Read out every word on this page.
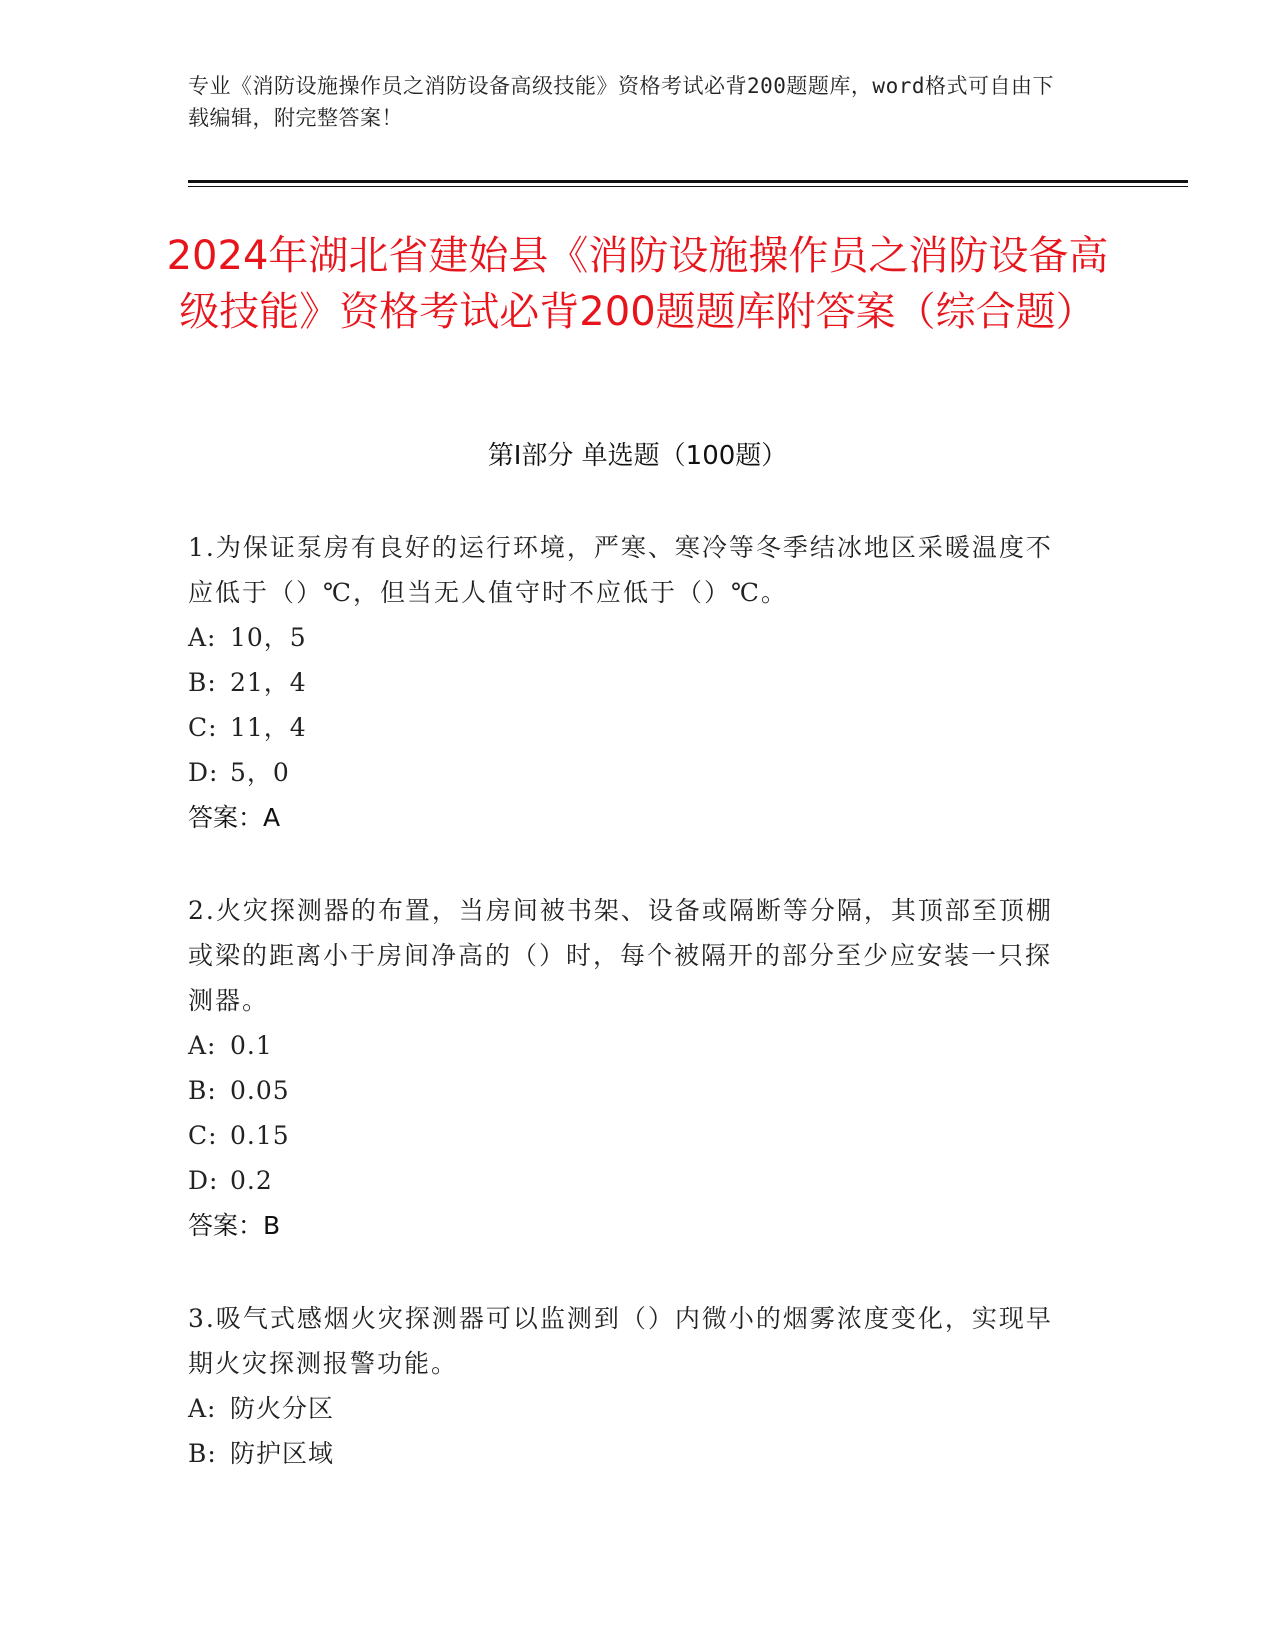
专业《消防设施操作员之消防设备高级技能》资格考试必背200题题库，word格式可自由下载编辑，附完整答案！
2024年湖北省建始县《消防设施操作员之消防设备高级技能》资格考试必背200题题库附答案（综合题）
第I部分 单选题（100题）

1.为保证泵房有良好的运行环境，严寒、寒冷等冬季结冰地区采暖温度不应低于（）℃，但当无人值守时不应低于（）℃。

A: 10，5
B: 21，4
C: 11，4
D: 5，0
答案：A

2.火灾探测器的布置，当房间被书架、设备或隔断等分隔，其顶部至顶棚或梁的距离小于房间净高的（）时，每个被隔开的部分至少应安装一只探测器。

A: 0.1
B: 0.05
C: 0.15
D: 0.2
答案：B

3.吸气式感烟火灾探测器可以监测到（）内微小的烟雾浓度变化，实现早期火灾探测报警功能。

A: 防火分区
B: 防护区域
